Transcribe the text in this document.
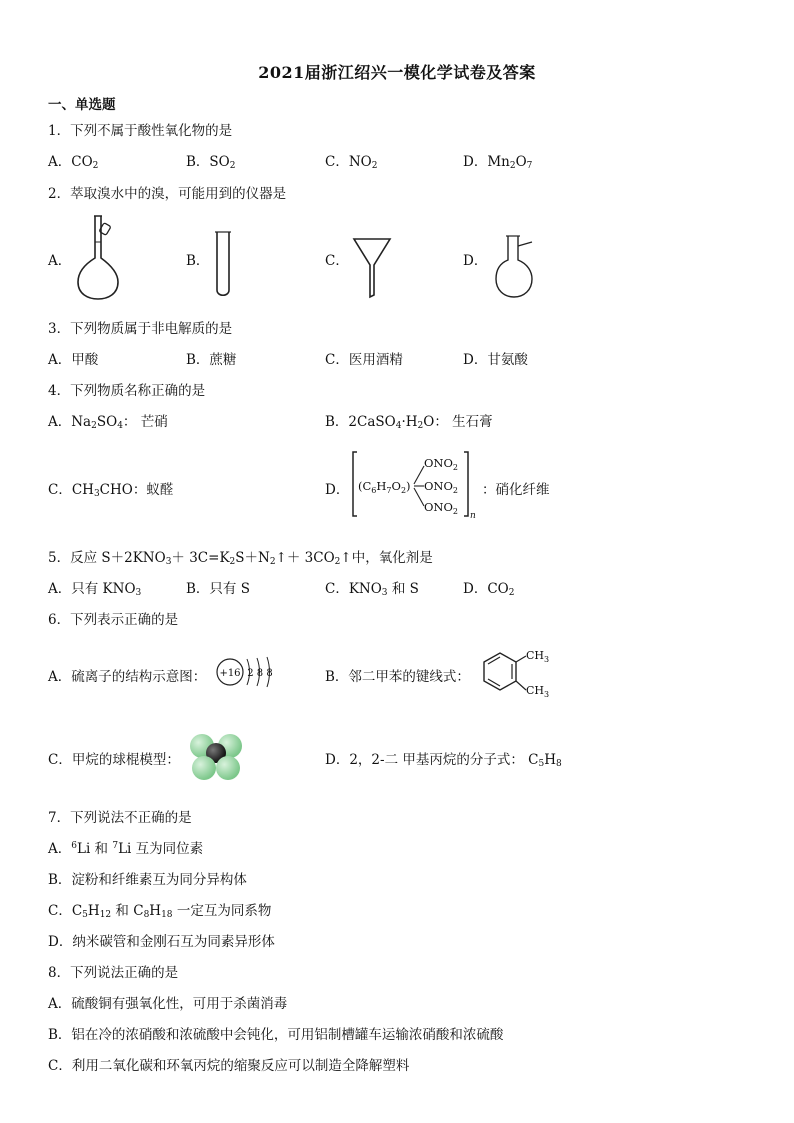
2021届浙江绍兴一模化学试卷及答案
一、单选题
1．下列不属于酸性氧化物的是
A．$CO_2$	B．$SO_2$	C．$NO_2$	D．$Mn_2O_7$
2．萃取溴水中的溴，可能用到的仪器是
A．	B．	C．	D．
3．下列物质属于非电解质的是
A．甲酸	B．蔗糖	C．医用酒精	D．甘氨酸
4．下列物质名称正确的是
A．$Na_2SO_4$： 芒硝	B．$2CaSO_4\cdot H_2O$： 生石膏
C．$CH_3CHO$：蚁醛	D． $(C_6H_7O_2)$
$ONO_2$
$ONO_2$
$ONO_2$ n
：硝化纤维
5．反应 $S+2KNO_3+$ $3C=K_2S+N_2↑+$ $3CO_2↑$中，氧化剂是
A．只有 $KNO_3$	B．只有 S	C．$KNO_3$ 和 S	D．$CO_2$
6．下列表示正确的是
A．硫离子的结构示意图： +16 2 8 8	B．邻二甲苯的键线式：
$CH_3$
$CH_3$
C．甲烷的球棍模型：	D．2，2-二 甲基丙烷的分子式： $C_5H_8$
7．下列说法不正确的是
A．$^6$Li 和 $^7$Li 互为同位素
B．淀粉和纤维素互为同分异构体
C．$C_5H_{12}$ 和 $C_8H_{18}$ 一定互为同系物
D．纳米碳管和金刚石互为同素异形体
8．下列说法正确的是
A．硫酸铜有强氧化性，可用于杀菌消毒
B．铝在冷的浓硝酸和浓硫酸中会钝化，可用铝制槽罐车运输浓硝酸和浓硫酸
C．利用二氧化碳和环氧丙烷的缩聚反应可以制造全降解塑料
